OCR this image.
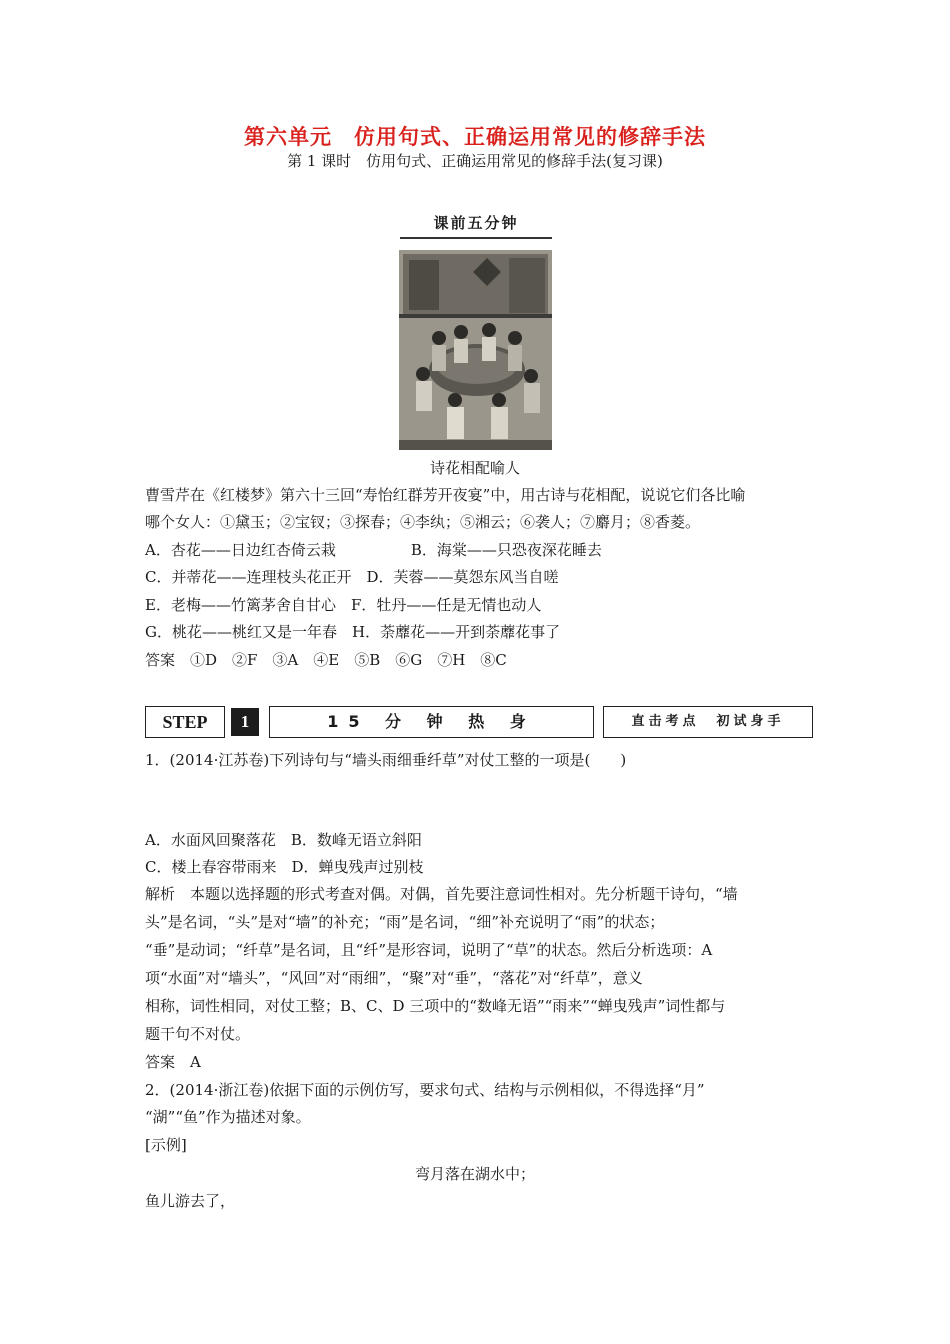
第六单元　仿用句式、正确运用常见的修辞手法
第 1 课时　仿用句式、正确运用常见的修辞手法(复习课)
课前五分钟
诗花相配喻人
曹雪芹在《红楼梦》第六十三回“寿怡红群芳开夜宴”中，用古诗与花相配，说说它们各比喻
哪个女人：①黛玉；②宝钗；③探春；④李纨；⑤湘云；⑥袭人；⑦麝月；⑧香菱。
A．杏花——日边红杏倚云栽　　　　　B．海棠——只恐夜深花睡去
C．并蒂花——连理枝头花正开　D．芙蓉——莫怨东风当自嗟
E．老梅——竹篱茅舍自甘心　F．牡丹——任是无情也动人
G．桃花——桃红又是一年春　H．荼蘼花——开到荼蘼花事了
答案　①D　②F　③A　④E　⑤B　⑥G　⑦H　⑧C
STEP	1	15 分 钟 热 身	直击考点　初试身手
1．(2014·江苏卷)下列诗句与“墙头雨细垂纤草”对仗工整的一项是(　　)
A．水面风回聚落花　B．数峰无语立斜阳
C．楼上春容带雨来　D．蝉曳残声过别枝
解析　本题以选择题的形式考查对偶。对偶，首先要注意词性相对。先分析题干诗句，“墙
头”是名词，“头”是对“墙”的补充；“雨”是名词，“细”补充说明了“雨”的状态；
“垂”是动词；“纤草”是名词，且“纤”是形容词，说明了“草”的状态。然后分析选项：A
项“水面”对“墙头”，“风回”对“雨细”，“聚”对“垂”，“落花”对“纤草”，意义
相称，词性相同，对仗工整；B、C、D 三项中的“数峰无语”“雨来”“蝉曳残声”词性都与
题干句不对仗。
答案　A
2．(2014·浙江卷)依据下面的示例仿写，要求句式、结构与示例相似，不得选择“月”
“湖”“鱼”作为描述对象。
[示例]
弯月落在湖水中；
鱼儿游去了，
